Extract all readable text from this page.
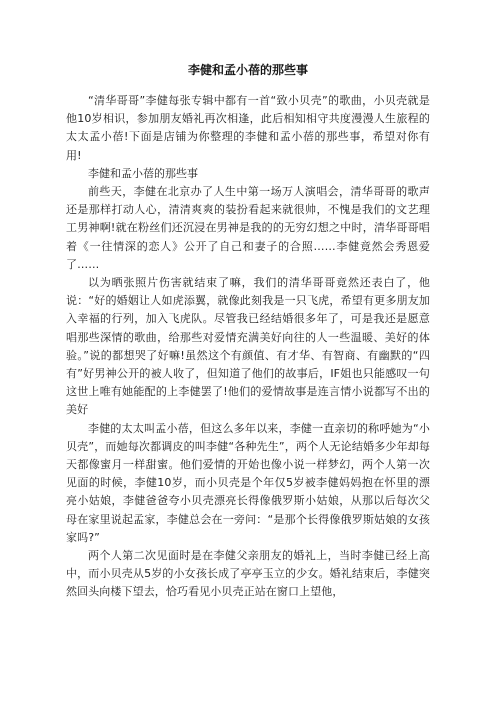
李健和孟小蓓的那些事

“清华哥哥”李健每张专辑中都有一首“致小贝壳”的歌曲，小贝壳就是他10岁相识，参加朋友婚礼再次相逢，此后相知相守共度漫漫人生旅程的太太孟小蓓!下面是店铺为你整理的李健和孟小蓓的那些事，希望对你有用!

李健和孟小蓓的那些事

前些天，李健在北京办了人生中第一场万人演唱会，清华哥哥的歌声还是那样打动人心，清清爽爽的装扮看起来就很帅，不愧是我们的文艺理工男神啊!就在粉丝们还沉浸在男神是我的的无穷幻想之中时，清华哥哥唱着《一往情深的恋人》公开了自己和妻子的合照……李健竟然会秀恩爱了……

以为晒张照片伤害就结束了嘛，我们的清华哥哥竟然还表白了，他说：“好的婚姻让人如虎添翼，就像此刻我是一只飞虎，希望有更多朋友加入幸福的行列，加入飞虎队。尽管我已经结婚很多年了，可是我还是愿意唱那些深情的歌曲，给那些对爱情充满美好向往的人一些温暖、美好的体验。”说的都想哭了好嘛!虽然这个有颜值、有才华、有智商、有幽默的“四有”好男神公开的被人收了，但知道了他们的故事后，IF姐也只能感叹一句这世上唯有她能配的上李健罢了!他们的爱情故事是连言情小说都写不出的美好

李健的太太叫孟小蓓，但这么多年以来，李健一直亲切的称呼她为“小贝壳”，而她每次都调皮的叫李健“各种先生”，两个人无论结婚多少年却每天都像蜜月一样甜蜜。他们爱情的开始也像小说一样梦幻，两个人第一次见面的时候，李健10岁，而小贝壳是个年仅5岁被李健妈妈抱在怀里的漂亮小姑娘，李健爸爸夸小贝壳漂亮长得像俄罗斯小姑娘，从那以后每次父母在家里说起孟家，李健总会在一旁问：“是那个长得像俄罗斯姑娘的女孩家吗?”

两个人第二次见面时是在李健父亲朋友的婚礼上，当时李健已经上高中，而小贝壳从5岁的小女孩长成了亭亭玉立的少女。婚礼结束后，李健突然回头向楼下望去，恰巧看见小贝壳正站在窗口上望他，
